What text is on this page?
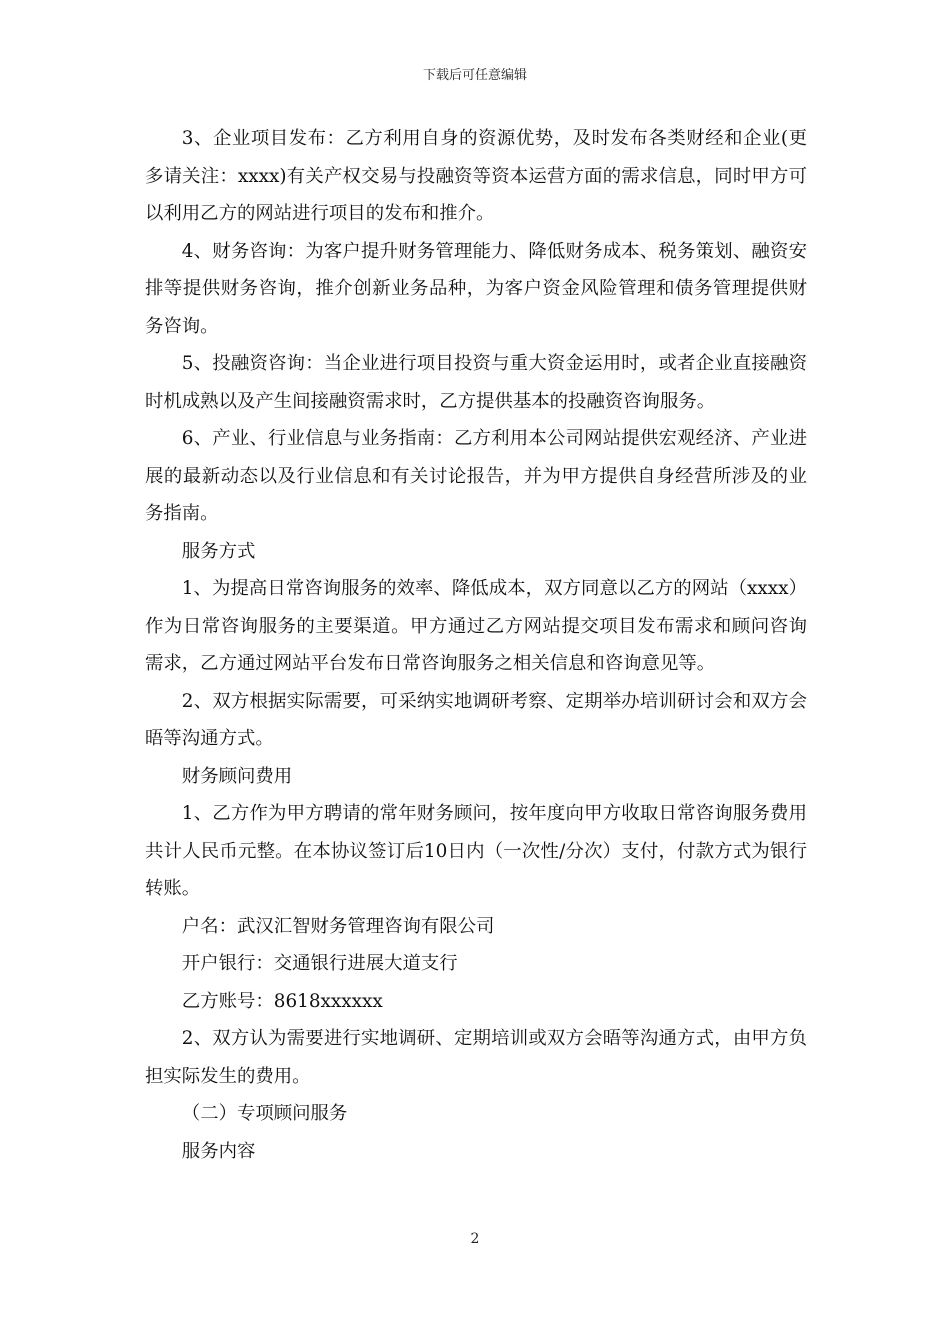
下载后可任意编辑

3、企业项目发布：乙方利用自身的资源优势，及时发布各类财经和企业(更多请关注：xxxx)有关产权交易与投融资等资本运营方面的需求信息，同时甲方可以利用乙方的网站进行项目的发布和推介。

4、财务咨询：为客户提升财务管理能力、降低财务成本、税务策划、融资安排等提供财务咨询，推介创新业务品种，为客户资金风险管理和债务管理提供财务咨询。

5、投融资咨询：当企业进行项目投资与重大资金运用时，或者企业直接融资时机成熟以及产生间接融资需求时，乙方提供基本的投融资咨询服务。

6、产业、行业信息与业务指南：乙方利用本公司网站提供宏观经济、产业进展的最新动态以及行业信息和有关讨论报告，并为甲方提供自身经营所涉及的业务指南。

服务方式

1、为提高日常咨询服务的效率、降低成本，双方同意以乙方的网站（xxxx）作为日常咨询服务的主要渠道。甲方通过乙方网站提交项目发布需求和顾问咨询需求，乙方通过网站平台发布日常咨询服务之相关信息和咨询意见等。

2、双方根据实际需要，可采纳实地调研考察、定期举办培训研讨会和双方会晤等沟通方式。

财务顾问费用

1、乙方作为甲方聘请的常年财务顾问，按年度向甲方收取日常咨询服务费用共计人民币元整。在本协议签订后10日内（一次性/分次）支付，付款方式为银行转账。

户名：武汉汇智财务管理咨询有限公司

开户银行：交通银行进展大道支行

乙方账号：8618xxxxxx

2、双方认为需要进行实地调研、定期培训或双方会晤等沟通方式，由甲方负担实际发生的费用。

（二）专项顾问服务

服务内容

2
